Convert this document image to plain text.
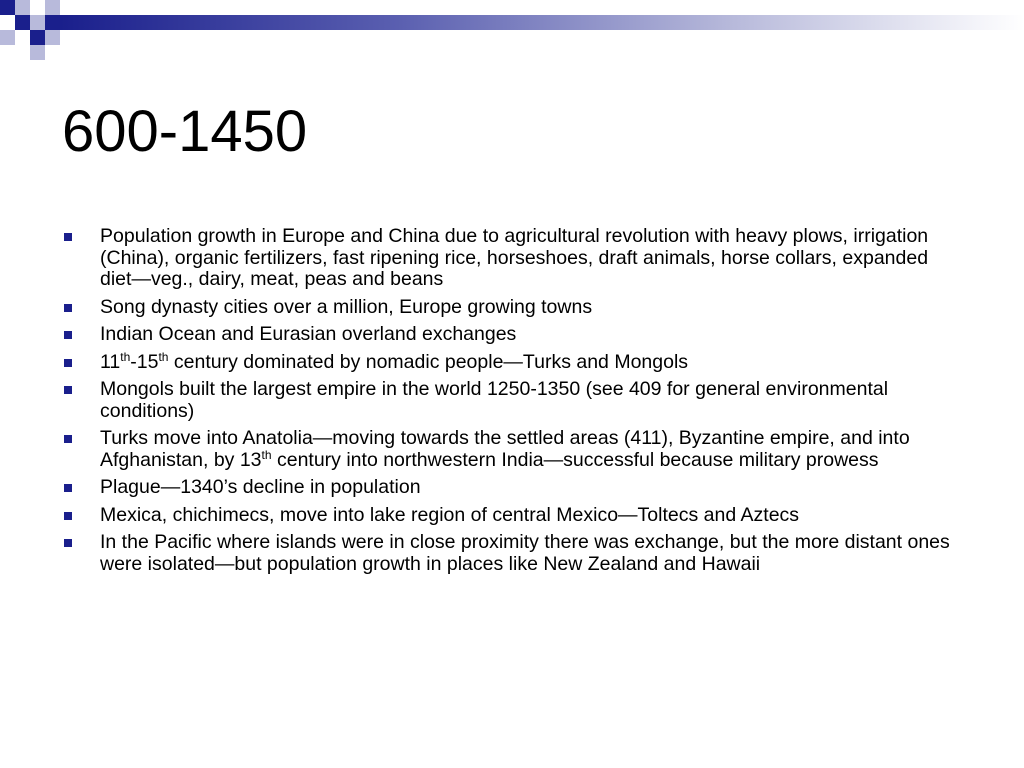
600-1450
Population growth in Europe and China due to agricultural revolution with heavy plows, irrigation (China), organic fertilizers, fast ripening rice, horseshoes, draft animals, horse collars, expanded diet—veg., dairy, meat, peas and beans
Song dynasty cities over a million, Europe growing towns
Indian Ocean and Eurasian overland exchanges
11th-15th century dominated by nomadic people—Turks and Mongols
Mongols built the largest empire in the world 1250-1350 (see 409 for general environmental conditions)
Turks move into Anatolia—moving towards the settled areas (411), Byzantine empire, and into Afghanistan, by 13th century into northwestern India—successful because military prowess
Plague—1340’s decline in population
Mexica, chichimecs, move into lake region of central Mexico—Toltecs and Aztecs
In the Pacific where islands were in close proximity there was exchange, but the more distant ones were isolated—but population growth in places like New Zealand and Hawaii
